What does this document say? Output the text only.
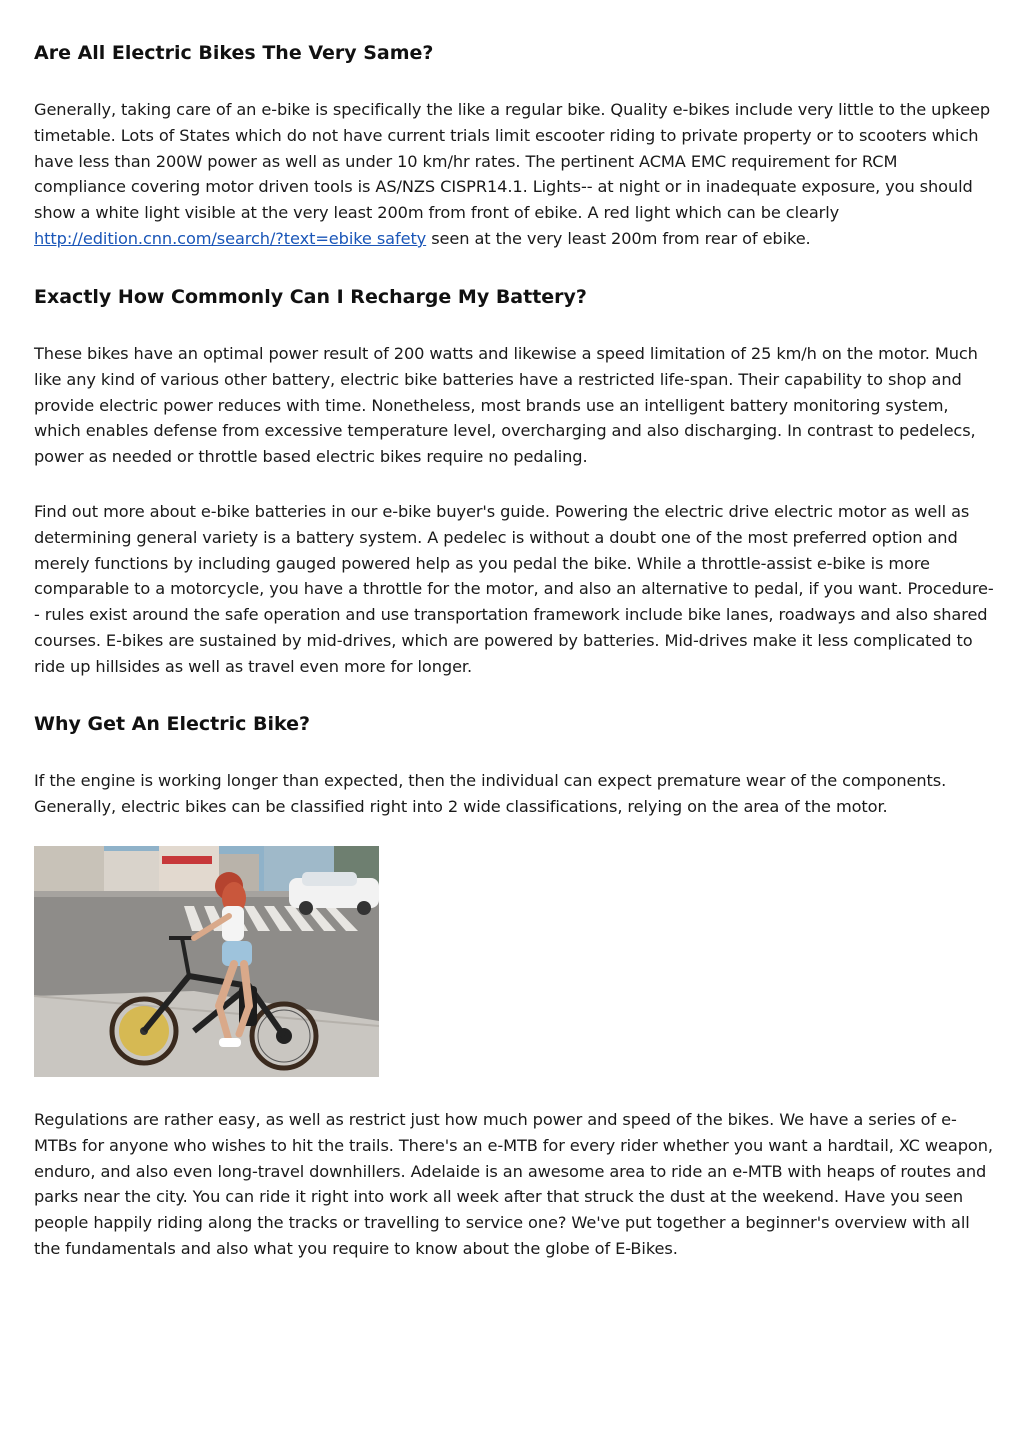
Are All Electric Bikes The Very Same?

Generally, taking care of an e-bike is specifically the like a regular bike. Quality e-bikes include very little to the upkeep timetable. Lots of States which do not have current trials limit escooter riding to private property or to scooters which have less than 200W power as well as under 10 km/hr rates. The pertinent ACMA EMC requirement for RCM compliance covering motor driven tools is AS/NZS CISPR14.1. Lights-- at night or in inadequate exposure, you should show a white light visible at the very least 200m from front of ebike. A red light which can be clearly http://edition.cnn.com/search/?text=ebike safety seen at the very least 200m from rear of ebike.

Exactly How Commonly Can I Recharge My Battery?

These bikes have an optimal power result of 200 watts and likewise a speed limitation of 25 km/h on the motor. Much like any kind of various other battery, electric bike batteries have a restricted life-span. Their capability to shop and provide electric power reduces with time. Nonetheless, most brands use an intelligent battery monitoring system, which enables defense from excessive temperature level, overcharging and also discharging. In contrast to pedelecs, power as needed or throttle based electric bikes require no pedaling.

Find out more about e-bike batteries in our e-bike buyer's guide. Powering the electric drive electric motor as well as determining general variety is a battery system. A pedelec is without a doubt one of the most preferred option and merely functions by including gauged powered help as you pedal the bike. While a throttle-assist e-bike is more comparable to a motorcycle, you have a throttle for the motor, and also an alternative to pedal, if you want. Procedure-- rules exist around the safe operation and use transportation framework include bike lanes, roadways and also shared courses. E-bikes are sustained by mid-drives, which are powered by batteries. Mid-drives make it less complicated to ride up hillsides as well as travel even more for longer.

Why Get An Electric Bike?

If the engine is working longer than expected, then the individual can expect premature wear of the components. Generally, electric bikes can be classified right into 2 wide classifications, relying on the area of the motor.

Regulations are rather easy, as well as restrict just how much power and speed of the bikes. We have a series of e-MTBs for anyone who wishes to hit the trails. There's an e-MTB for every rider whether you want a hardtail, XC weapon, enduro, and also even long-travel downhillers. Adelaide is an awesome area to ride an e-MTB with heaps of routes and parks near the city. You can ride it right into work all week after that struck the dust at the weekend. Have you seen people happily riding along the tracks or travelling to service one? We've put together a beginner's overview with all the fundamentals and also what you require to know about the globe of E-Bikes.
